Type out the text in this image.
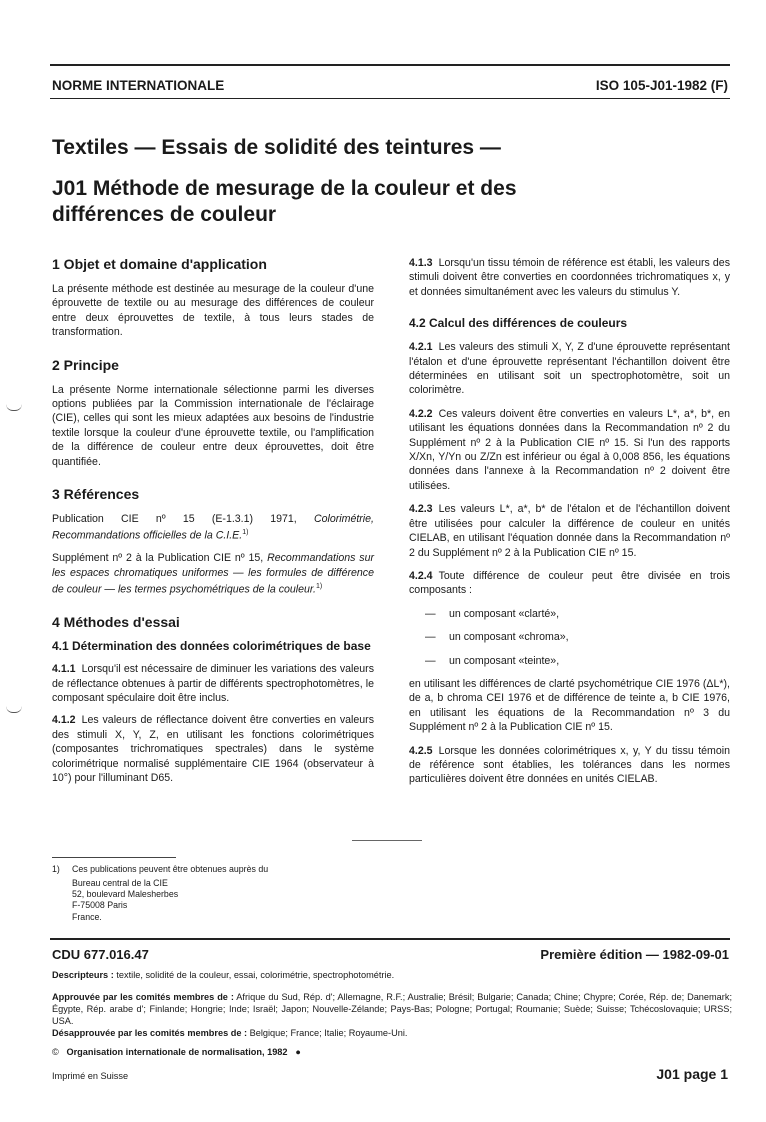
NORME INTERNATIONALE	ISO 105-J01-1982 (F)
Textiles — Essais de solidité des teintures —
J01 Méthode de mesurage de la couleur et des
différences de couleur
1 Objet et domaine d'application
La présente méthode est destinée au mesurage de la couleur d'une éprouvette de textile ou au mesurage des différences de couleur entre deux éprouvettes de textile, à tous leurs stades de transformation.
2 Principe
La présente Norme internationale sélectionne parmi les diverses options publiées par la Commission internationale de l'éclairage (CIE), celles qui sont les mieux adaptées aux besoins de l'industrie textile lorsque la couleur d'une éprouvette textile, ou l'amplification de la différence de couleur entre deux éprouvettes, doit être quantifiée.
3 Références
Publication CIE nº 15 (E-1.3.1) 1971, Colorimétrie, Recommandations officielles de la C.I.E.$^{1)}$
Supplément nº 2 à la Publication CIE nº 15, Recommandations sur les espaces chromatiques uniformes — les formules de différence de couleur — les termes psychométriques de la couleur.$^{1)}$
4 Méthodes d'essai
4.1 Détermination des données colorimétriques de base
4.1.1 Lorsqu'il est nécessaire de diminuer les variations des valeurs de réflectance obtenues à partir de différents spectrophotomètres, le composant spéculaire doit être inclus.
4.1.2 Les valeurs de réflectance doivent être converties en valeurs des stimuli X, Y, Z, en utilisant les fonctions colorimétriques (composantes trichromatiques spectrales) dans le système colorimétrique normalisé supplémentaire CIE 1964 (observateur à 10°) pour l'illuminant D65.
4.1.3 Lorsqu'un tissu témoin de référence est établi, les valeurs des stimuli doivent être converties en coordonnées trichromatiques x, y et données simultanément avec les valeurs du stimulus Y.
4.2 Calcul des différences de couleurs
4.2.1 Les valeurs des stimuli X, Y, Z d'une éprouvette représentant l'étalon et d'une éprouvette représentant l'échantillon doivent être déterminées en utilisant soit un spectrophotomètre, soit un colorimètre.
4.2.2 Ces valeurs doivent être converties en valeurs L*, a*, b*, en utilisant les équations données dans la Recommandation nº 2 du Supplément nº 2 à la Publication CIE nº 15. Si l'un des rapports X/Xn, Y/Yn ou Z/Zn est inférieur ou égal à 0,008 856, les équations données dans l'annexe à la Recommandation nº 2 doivent être utilisées.
4.2.3 Les valeurs L*, a*, b* de l'étalon et de l'échantillon doivent être utilisées pour calculer la différence de couleur en unités CIELAB, en utilisant l'équation donnée dans la Recommandation nº 2 du Supplément nº 2 à la Publication CIE nº 15.
4.2.4 Toute différence de couleur peut être divisée en trois composants :
— un composant «clarté»,
— un composant «chroma»,
— un composant «teinte»,
en utilisant les différences de clarté psychométrique CIE 1976 (ΔL*), de a, b chroma CEI 1976 et de différence de teinte a, b CIE 1976, en utilisant les équations de la Recommandation nº 3 du Supplément nº 2 à la Publication CIE nº 15.
4.2.5 Lorsque les données colorimétriques x, y, Y du tissu témoin de référence sont établies, les tolérances dans les normes particulières doivent être données en unités CIELAB.
1) Ces publications peuvent être obtenues auprès du
Bureau central de la CIE
52, boulevard Malesherbes
F-75008 Paris
France.
CDU 677.016.47	Première édition — 1982-09-01
Descripteurs : textile, solidité de la couleur, essai, colorimétrie, spectrophotométrie.
Approuvée par les comités membres de : Afrique du Sud, Rép. d'; Allemagne, R.F.; Australie; Brésil; Bulgarie; Canada; Chine; Chypre; Corée, Rép. de; Danemark; Égypte, Rép. arabe d'; Finlande; Hongrie; Inde; Israël; Japon; Nouvelle-Zélande; Pays-Bas; Pologne; Portugal; Roumanie; Suède; Suisse; Tchécoslovaquie; URSS; USA.
Désapprouvée par les comités membres de : Belgique; France; Italie; Royaume-Uni.
© Organisation internationale de normalisation, 1982 ●
Imprimé en Suisse	J01 page 1
